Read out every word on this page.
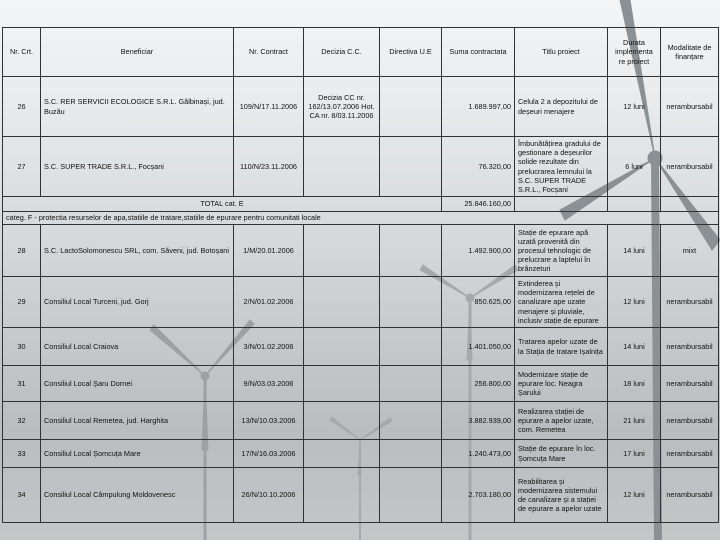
Nr. Crt.	Beneficiar	Nr. Contract	Decizia C.C.	Directiva U.E	Suma contractata	Titlu proiect	Durata implementa re proiect	Modalitate de finanțare
26	S.C. RER SERVICII ECOLOGICE S.R.L. Gălbinași, jud. Buzău	109/N/17.11.2006	Decizia CC nr. 162/13.07.2006 Hot. CA nr. 8/03.11.2006		1.689.997,00	Celula 2 a depozitului de deșeuri menajere	12 luni	nerambursabil
27	S.C. SUPER TRADE S.R.L., Focșani	110/N/23.11.2006			76.320,00	Îmbunătățirea gradului de gestionare a deșeurilor solide rezultate din prelucrarea lemnului la S.C. SUPER TRADE S.R.L., Focșani	6 luni	nerambursabil
TOTAL cat. E					25.846.160,00			
categ. F - protectia resurselor de apa,statiile de tratare,statiile de epurare pentru comunitati locale								
28	S.C. LactoSolomonescu SRL, com. Săveni, jud. Botoșani	1/M/20.01.2006			1.492.900,00	Stație de epurare apă uzată provenită din procesul tehnologic de prelucrare a laptelui în brânzeturi	14 luni	mixt
29	Consiliul Local Turceni, jud. Gorj	2/N/01.02.2006			850.625,00	Extinderea și modernizarea rețelei de canalizare ape uzate menajere și pluviale, inclusiv stație de epurare	12 luni	nerambursabil
30	Consiliul Local Craiova	3/N/01.02.2006			1.401.050,00	Tratarea apelor uzate de la Stația de tratare Ișalnița	14 luni	nerambursabil
31	Consiliul Local Șaru Dornei	9/N/03.03.2006			256.800,00	Modernizare stație de epurare loc. Neagra Șarului	18 luni	nerambursabil
32	Consiliul Local Remetea, jud. Harghita	13/N/10.03.2006			3.882.939,00	Realizarea stației de epurare a apelor uzate, com. Remetea	21 luni	nerambursabil
33	Consiliul Local Șomcuța Mare	17/N/16.03.2006			1.240.473,00	Stație de epurare în loc. Șomcuța Mare	17 luni	nerambursabil
34	Consiliul Local Câmpulung Moldovenesc	26/N/10.10.2006			2.703.180,00	Reabilitarea și modernizarea sistemului de canalizare și a stației de epurare a apelor uzate	12 luni	nerambursabil
